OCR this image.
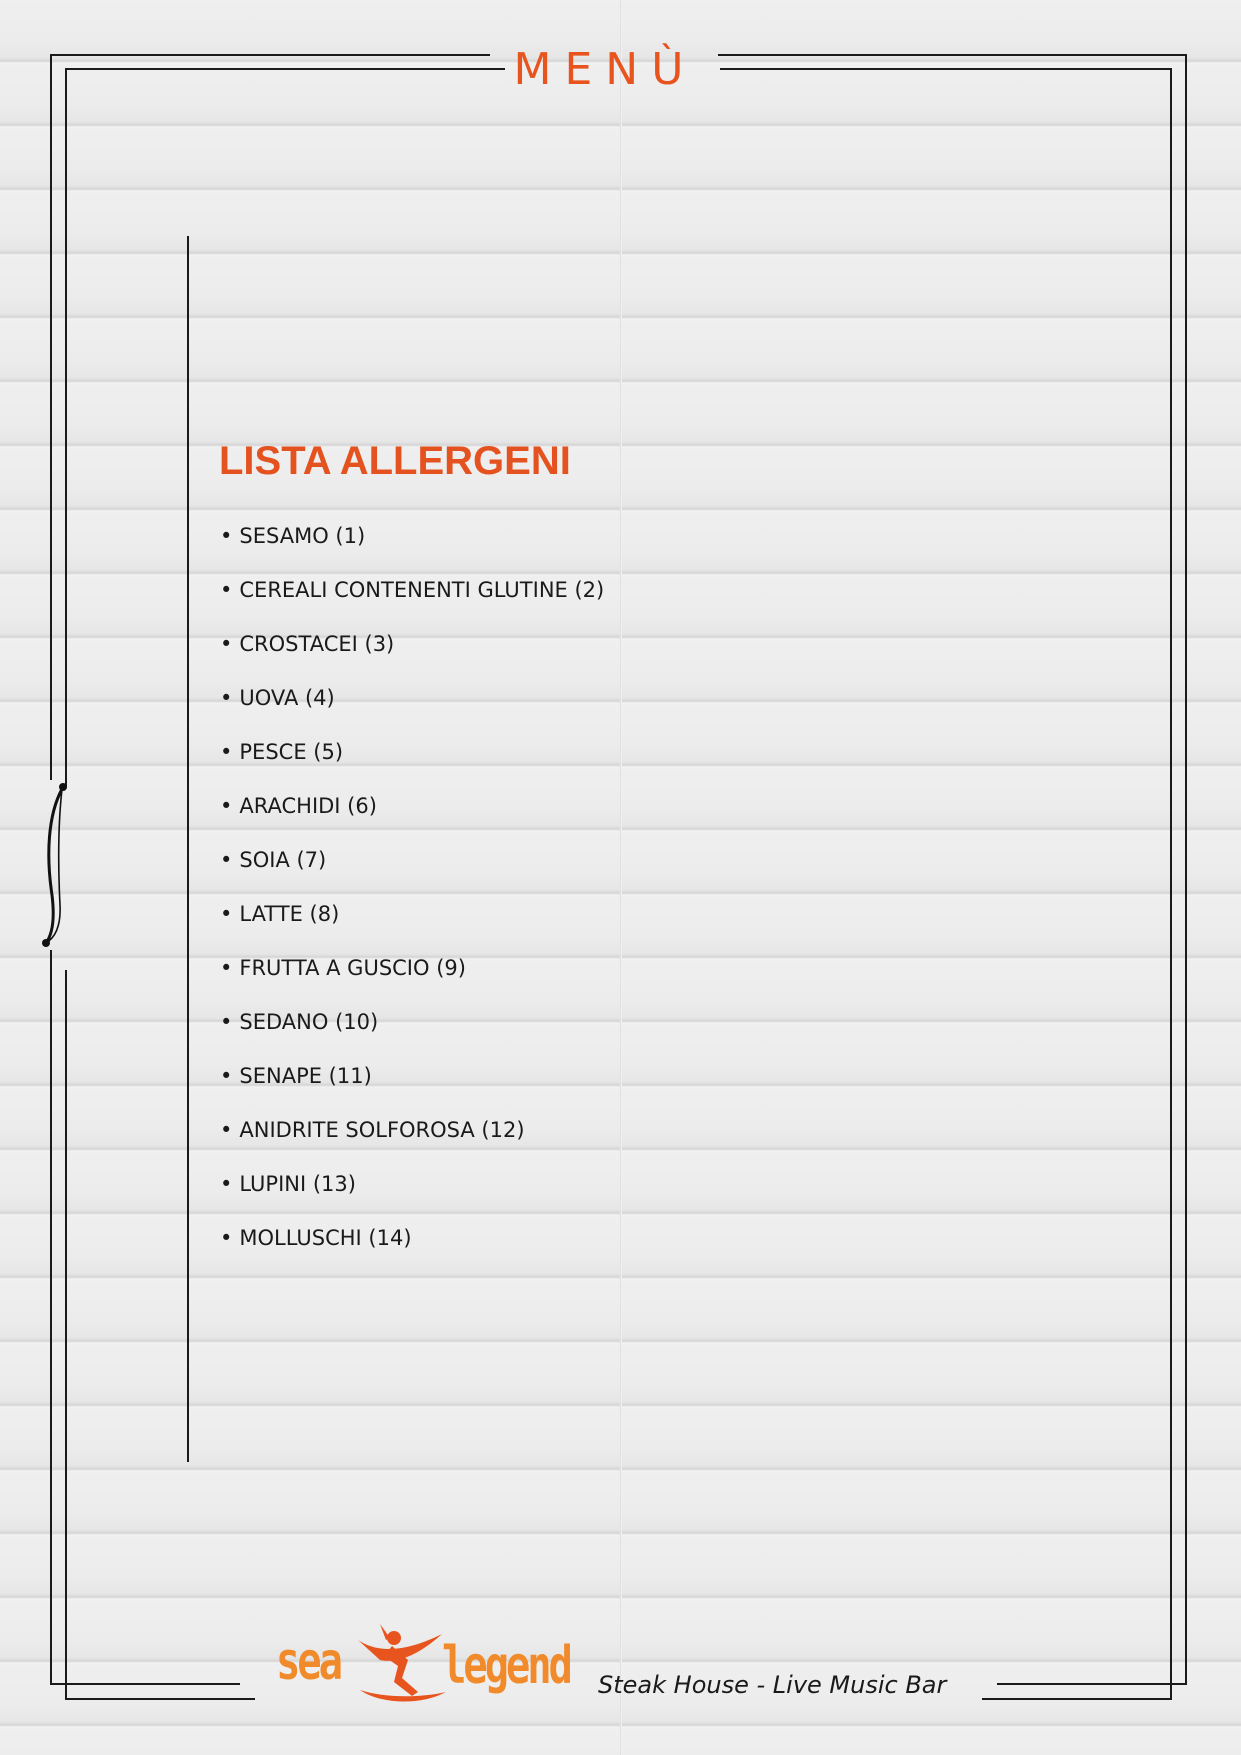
MENÙ
LISTA ALLERGENI
• SESAMO (1)
• CEREALI CONTENENTI GLUTINE (2)
• CROSTACEI (3)
• UOVA (4)
• PESCE (5)
• ARACHIDI (6)
• SOIA (7)
• LATTE (8)
• FRUTTA A GUSCIO (9)
• SEDANO (10)
• SENAPE (11)
• ANIDRITE SOLFOROSA (12)
• LUPINI (13)
• MOLLUSCHI (14)
sea legend Steak House - Live Music Bar
